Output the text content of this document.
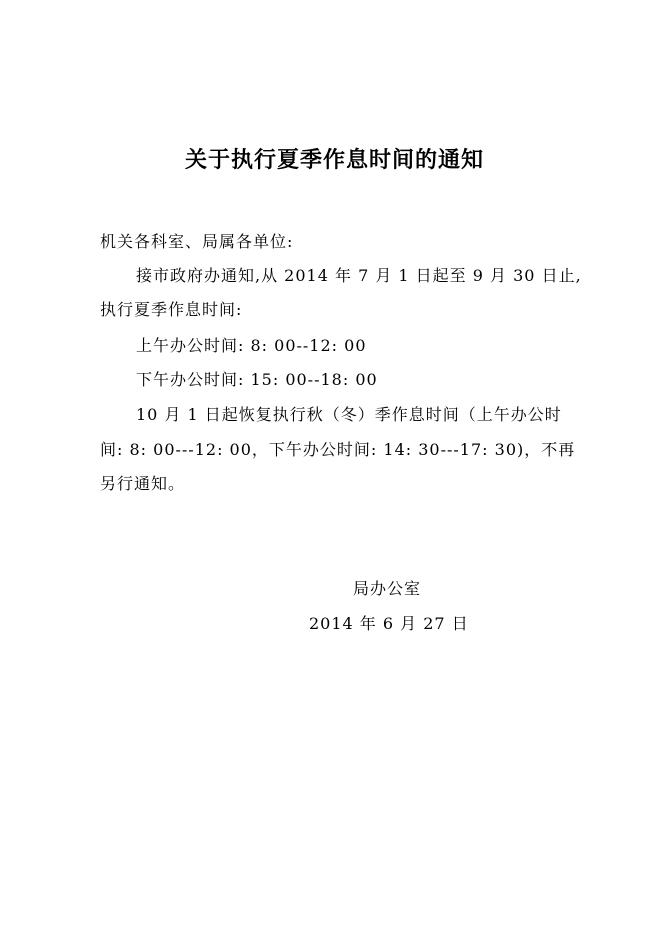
关于执行夏季作息时间的通知
机关各科室、局属各单位:
接市政府办通知,从 2014 年 7 月 1 日起至 9 月 30 日止,
执行夏季作息时间:
上午办公时间: 8: 00--12: 00
下午办公时间: 15: 00--18: 00
10 月 1 日起恢复执行秋（冬）季作息时间（上午办公时
间: 8: 00---12: 00，下午办公时间: 14: 30---17: 30)，不再
另行通知。
局办公室
2014 年 6 月 27 日
